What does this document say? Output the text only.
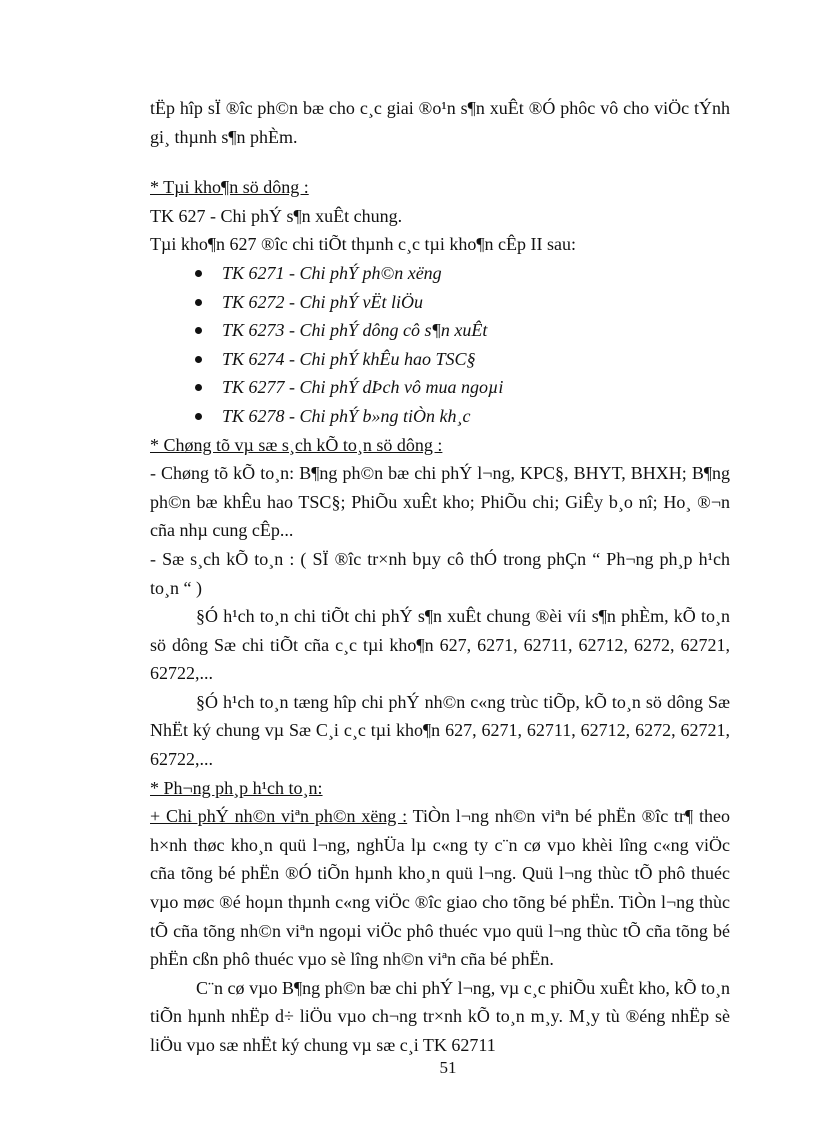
tËp hîp sÏ ®îc ph©n bæ cho c¸c giai ®o¹n s¶n xuÊt ®Ó phôc vô cho viÖc tÝnh gi¸ thµnh s¶n phÈm.

* Tµi kho¶n sö dông :

TK 627 - Chi phÝ s¶n xuÊt chung.

Tµi kho¶n 627 ®îc chi tiÕt thµnh c¸c tµi kho¶n cÊp II sau:

TK 6271 - Chi phÝ ph©n xëng
TK 6272 - Chi phÝ vËt liÖu
TK 6273 - Chi phÝ dông cô s¶n xuÊt
TK 6274 - Chi phÝ khÊu hao TSC§
TK 6277 - Chi phÝ dÞch vô mua ngoµi
TK 6278 - Chi phÝ b»ng tiÒn kh¸c

* Chøng tõ vµ sæ s¸ch kÕ to¸n sö dông :

- Chøng tõ kÕ to¸n: B¶ng ph©n bæ chi phÝ l¬ng, KPC§, BHYT, BHXH; B¶ng ph©n bæ khÊu hao TSC§; PhiÕu xuÊt kho; PhiÕu chi; GiÊy b¸o nî; Ho¸ ®¬n cña nhµ cung cÊp...

- Sæ s¸ch kÕ to¸n : ( SÏ ®îc tr×nh bµy cô thÓ trong phÇn “ Ph¬ng ph¸p h¹ch to¸n “ )

§Ó h¹ch to¸n chi tiÕt chi phÝ s¶n xuÊt chung ®èi víi s¶n phÈm, kÕ to¸n sö dông Sæ chi tiÕt cña c¸c tµi kho¶n 627, 6271, 62711, 62712, 6272, 62721, 62722,...

§Ó h¹ch to¸n tæng hîp chi phÝ nh©n c«ng trùc tiÕp, kÕ to¸n sö dông Sæ NhËt ký chung vµ Sæ C¸i c¸c tµi kho¶n 627, 6271, 62711, 62712, 6272, 62721, 62722,...

* Ph¬ng ph¸p h¹ch to¸n:

+ Chi phÝ nh©n viªn ph©n xëng : TiÒn l¬ng nh©n viªn bé phËn ®îc tr¶ theo h×nh thøc kho¸n quü l¬ng, nghÜa lµ c«ng ty c¨n cø vµo khèi lîng c«ng viÖc cña tõng bé phËn ®Ó tiÕn hµnh kho¸n quü l¬ng. Quü l¬ng thùc tÕ phô thuéc vµo møc ®é hoµn thµnh c«ng viÖc ®îc giao cho tõng bé phËn. TiÒn l¬ng thùc tÕ cña tõng nh©n viªn ngoµi viÖc phô thuéc vµo quü l¬ng thùc tÕ cña tõng bé phËn cßn phô thuéc vµo sè lîng nh©n viªn cña bé phËn.

C¨n cø vµo B¶ng ph©n bæ chi phÝ l¬ng, vµ c¸c phiÕu xuÊt kho, kÕ to¸n tiÕn hµnh nhËp d÷ liÖu vµo ch¬ng tr×nh kÕ to¸n m¸y. M¸y tù ®éng nhËp sè liÖu vµo sæ nhËt ký chung vµ sæ c¸i TK 62711

51
